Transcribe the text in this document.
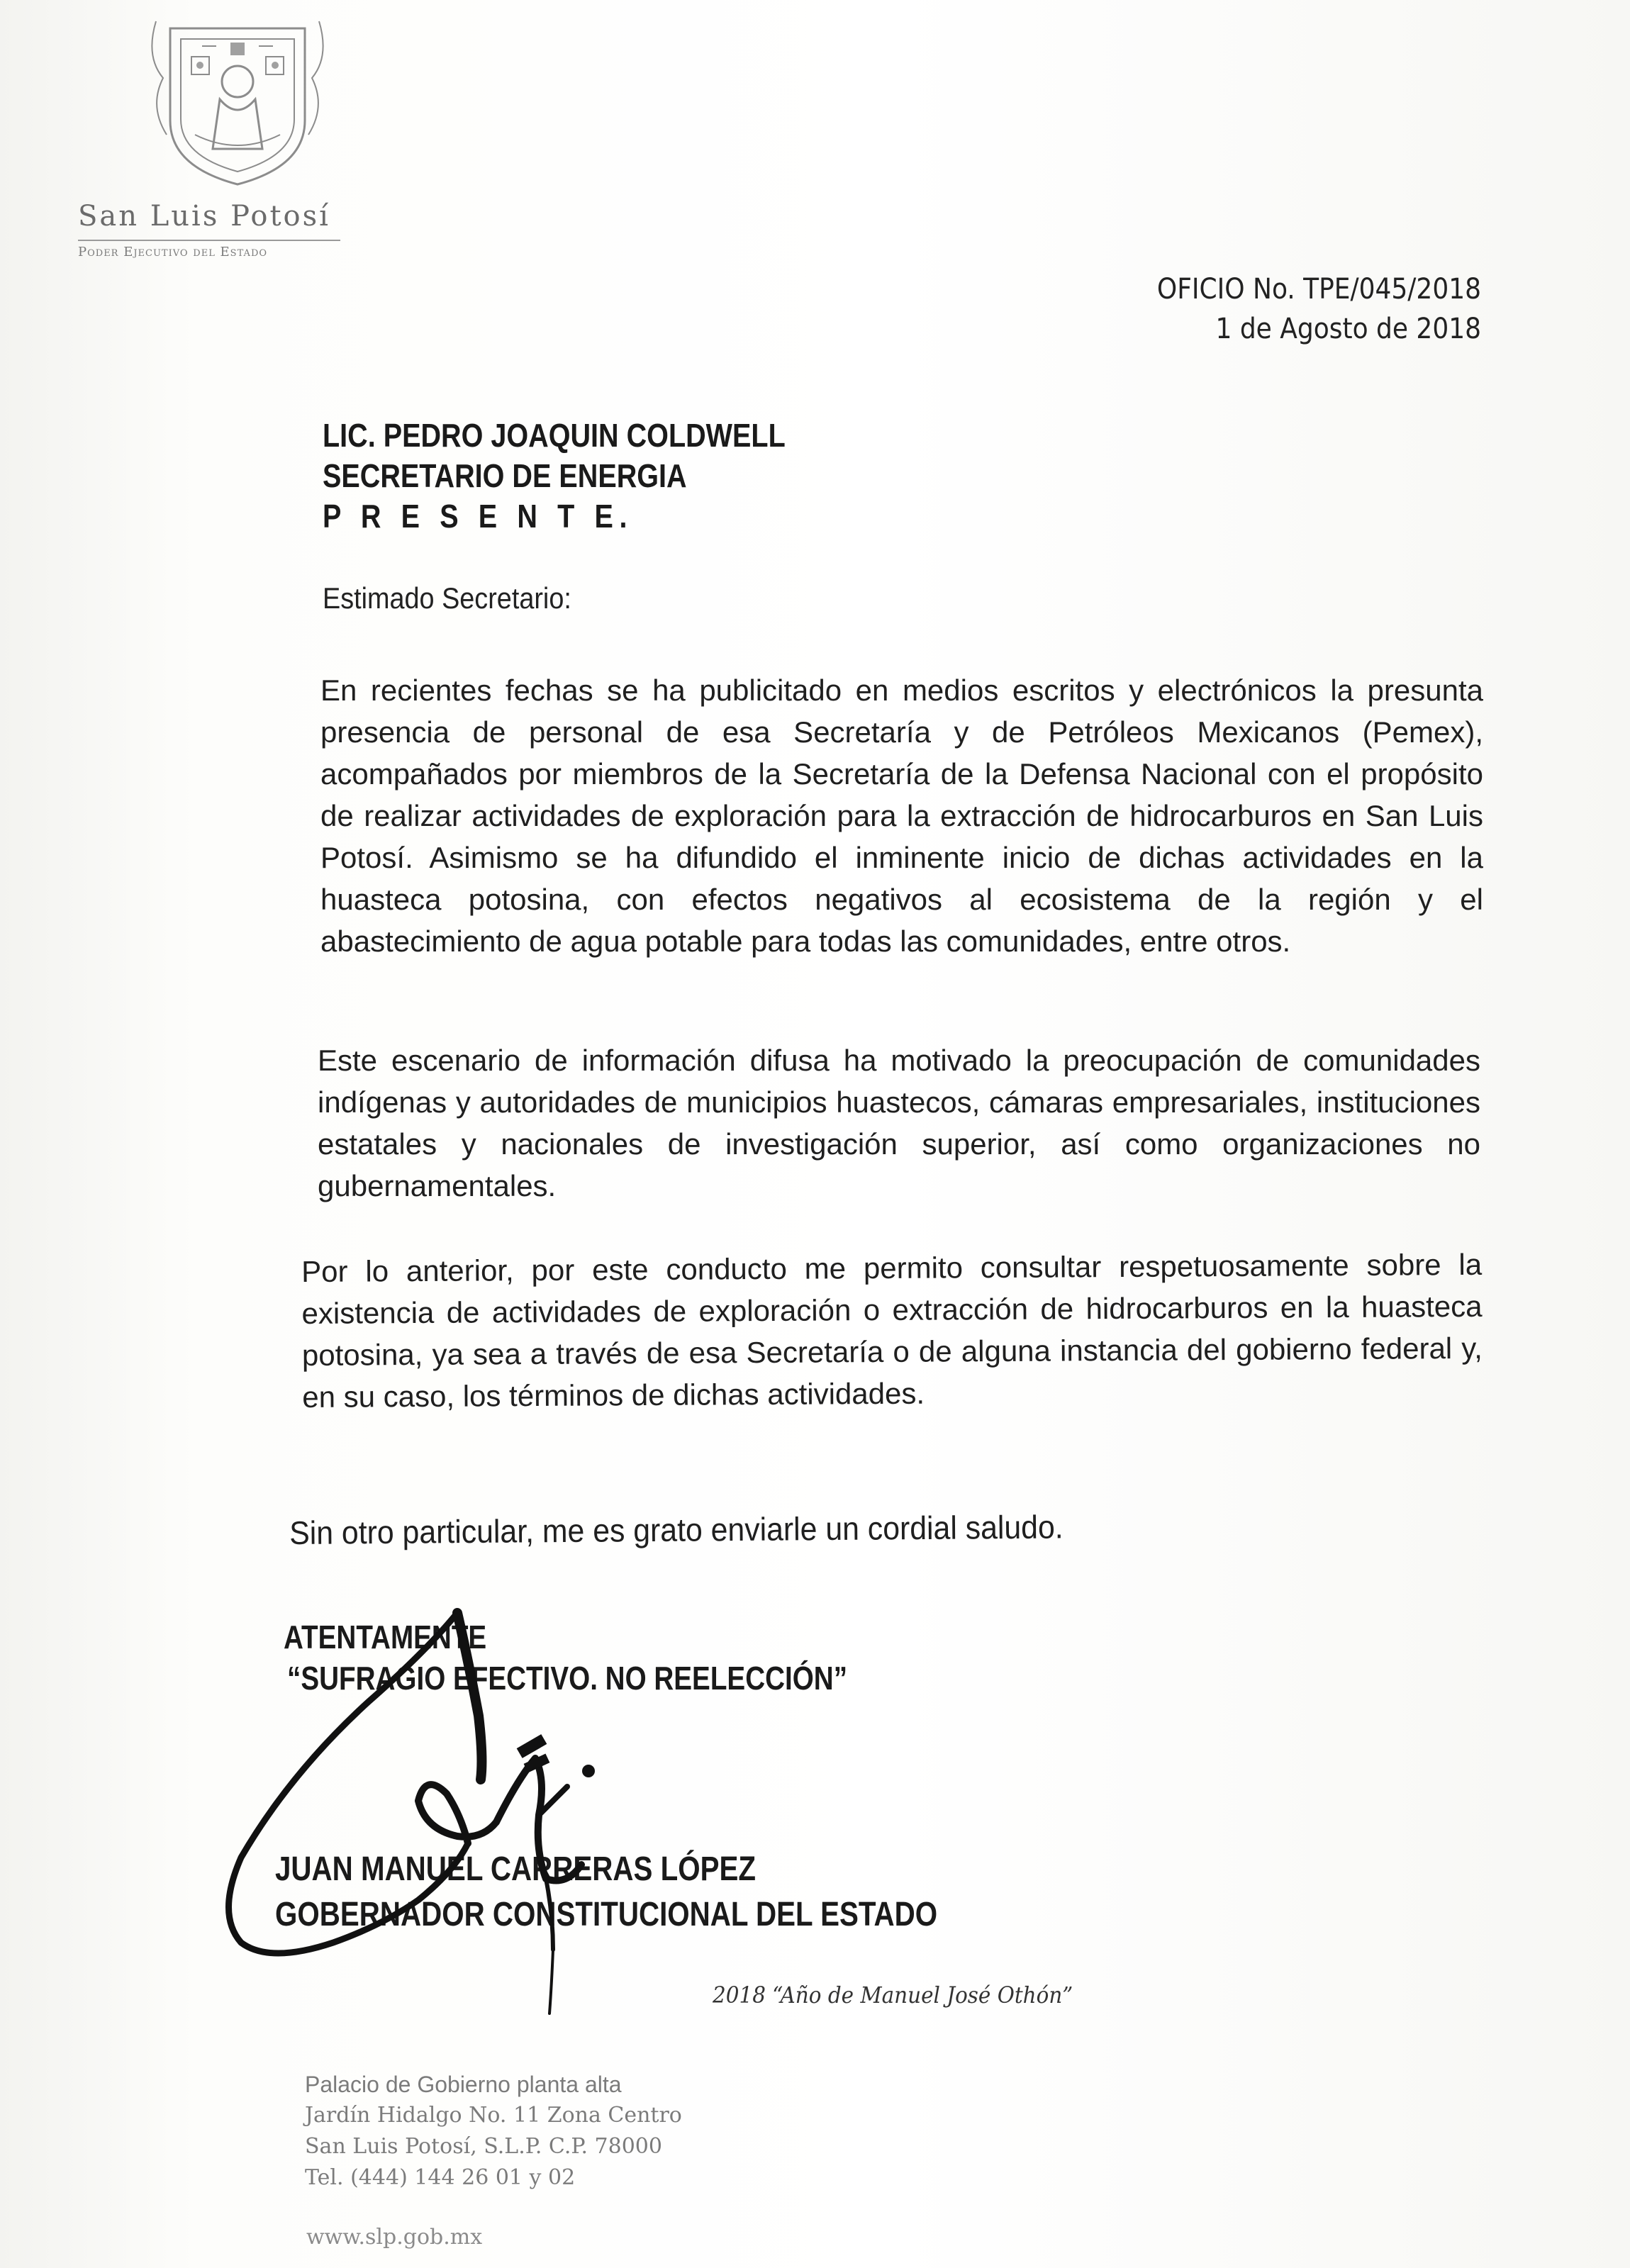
San Luis Potosí
Poder Ejecutivo del Estado
OFICIO No. TPE/045/2018
1 de Agosto de 2018
LIC. PEDRO JOAQUIN COLDWELL
SECRETARIO DE ENERGIA
P R E S E N T E.
Estimado Secretario:
En recientes fechas se ha publicitado en medios escritos y electrónicos la presunta presencia de personal de esa Secretaría y de Petróleos Mexicanos (Pemex), acompañados por miembros de la Secretaría de la Defensa Nacional con el propósito de realizar actividades de exploración para la extracción de hidrocarburos en San Luis Potosí. Asimismo se ha difundido el inminente inicio de dichas actividades en la huasteca potosina, con efectos negativos al ecosistema de la región y el abastecimiento de agua potable para todas las comunidades, entre otros.
Este escenario de información difusa ha motivado la preocupación de comunidades indígenas y autoridades de municipios huastecos, cámaras empresariales, instituciones estatales y nacionales de investigación superior, así como organizaciones no gubernamentales.
Por lo anterior, por este conducto me permito consultar respetuosamente sobre la existencia de actividades de exploración o extracción de hidrocarburos en la huasteca potosina, ya sea a través de esa Secretaría o de alguna instancia del gobierno federal y, en su caso, los términos de dichas actividades.
Sin otro particular, me es grato enviarle un cordial saludo.
ATENTAMENTE
“SUFRAGIO EFECTIVO. NO REELECCIÓN”
JUAN MANUEL CARRERAS LÓPEZ
GOBERNADOR CONSTITUCIONAL DEL ESTADO
2018 “Año de Manuel José Othón”
Palacio de Gobierno planta alta
Jardín Hidalgo No. 11 Zona Centro
San Luis Potosí, S.L.P. C.P. 78000
Tel. (444) 144 26 01 y 02
www.slp.gob.mx
